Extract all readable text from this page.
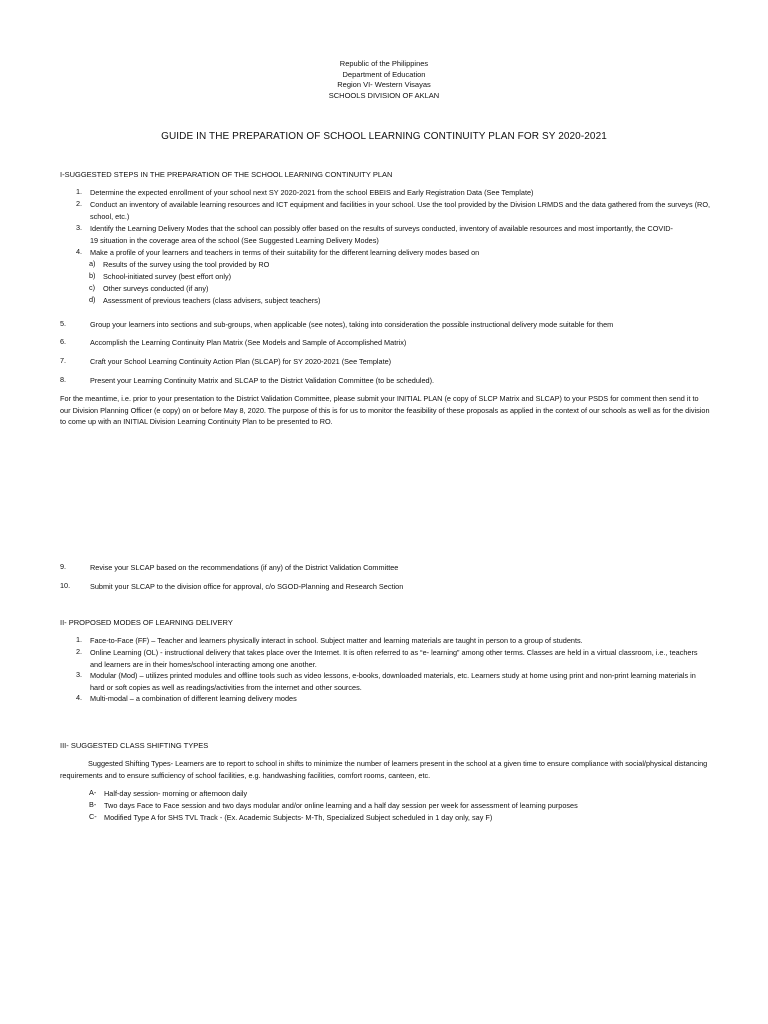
Republic of the Philippines
Department of Education
Region VI- Western Visayas
SCHOOLS DIVISION OF AKLAN
GUIDE IN THE PREPARATION OF SCHOOL LEARNING CONTINUITY PLAN FOR SY 2020-2021
I-SUGGESTED STEPS IN THE PREPARATION OF THE SCHOOL LEARNING CONTINUITY PLAN
1. Determine the expected enrollment of your school next SY 2020-2021 from the school EBEIS and Early Registration Data (See Template)
2. Conduct an inventory of available learning resources and ICT equipment and facilities in your school. Use the tool provided by the Division LRMDS and the data gathered from the surveys (RO, school, etc.)
3. Identify the Learning Delivery Modes that the school can possibly offer based on the results of surveys conducted, inventory of available resources and most importantly, the COVID-19 situation in the coverage area of the school (See Suggested Learning Delivery Modes)
4. Make a profile of your learners and teachers in terms of their suitability for the different learning delivery modes based on
a) Results of the survey using the tool provided by RO
b) School-initiated survey (best effort only)
c) Other surveys conducted (if any)
d) Assessment of previous teachers (class advisers, subject teachers)
5.	Group your learners into sections and sub-groups, when applicable (see notes), taking into consideration the possible instructional delivery mode suitable for them
6.	Accomplish the Learning Continuity Plan Matrix (See Models and Sample of Accomplished Matrix)
7.	Craft your School Learning Continuity Action Plan (SLCAP) for SY 2020-2021 (See Template)
8.	Present your Learning Continuity Matrix and SLCAP to the District Validation Committee (to be scheduled).
For the meantime, i.e. prior to your presentation to the District Validation Committee, please submit your INITIAL PLAN (e copy of SLCP Matrix and SLCAP) to your PSDS for comment then send it to our Division Planning Officer (e copy) on or before May 8, 2020. The purpose of this is for us to monitor the feasibility of these proposals as applied in the context of our schools as well as for the division to come up with an INITIAL Division Learning Continuity Plan to be presented to RO.
9.	Revise your SLCAP based on the recommendations (if any) of the District Validation Committee
10.	Submit your SLCAP to the division office for approval, c/o SGOD-Planning and Research Section
II- PROPOSED MODES OF LEARNING DELIVERY
1. Face-to-Face (FF) – Teacher and learners physically interact in school. Subject matter and learning materials are taught in person to a group of students.
2. Online Learning (OL) - instructional delivery that takes place over the Internet. It is often referred to as “e- learning” among other terms. Classes are held in a virtual classroom, i.e., teachers and learners are in their homes/school interacting among one another.
3. Modular (Mod) – utilizes printed modules and offline tools such as video lessons, e-books, downloaded materials, etc. Learners study at home using print and non-print learning materials in hard or soft copies as well as readings/activities from the internet and other sources.
4. Multi-modal – a combination of different learning delivery modes
III- SUGGESTED CLASS SHIFTING TYPES
Suggested Shifting Types- Learners are to report to school in shifts to minimize the number of learners present in the school at a given time to ensure compliance with social/physical distancing requirements and to ensure sufficiency of school facilities, e.g. handwashing facilities, comfort rooms, canteen, etc.
A- Half-day session- morning or afternoon daily
B- Two days Face to Face session and two days modular and/or online learning and a half day session per week for assessment of learning purposes
C- Modified Type A for SHS TVL Track - (Ex. Academic Subjects- M-Th, Specialized Subject scheduled in 1 day only, say F)
